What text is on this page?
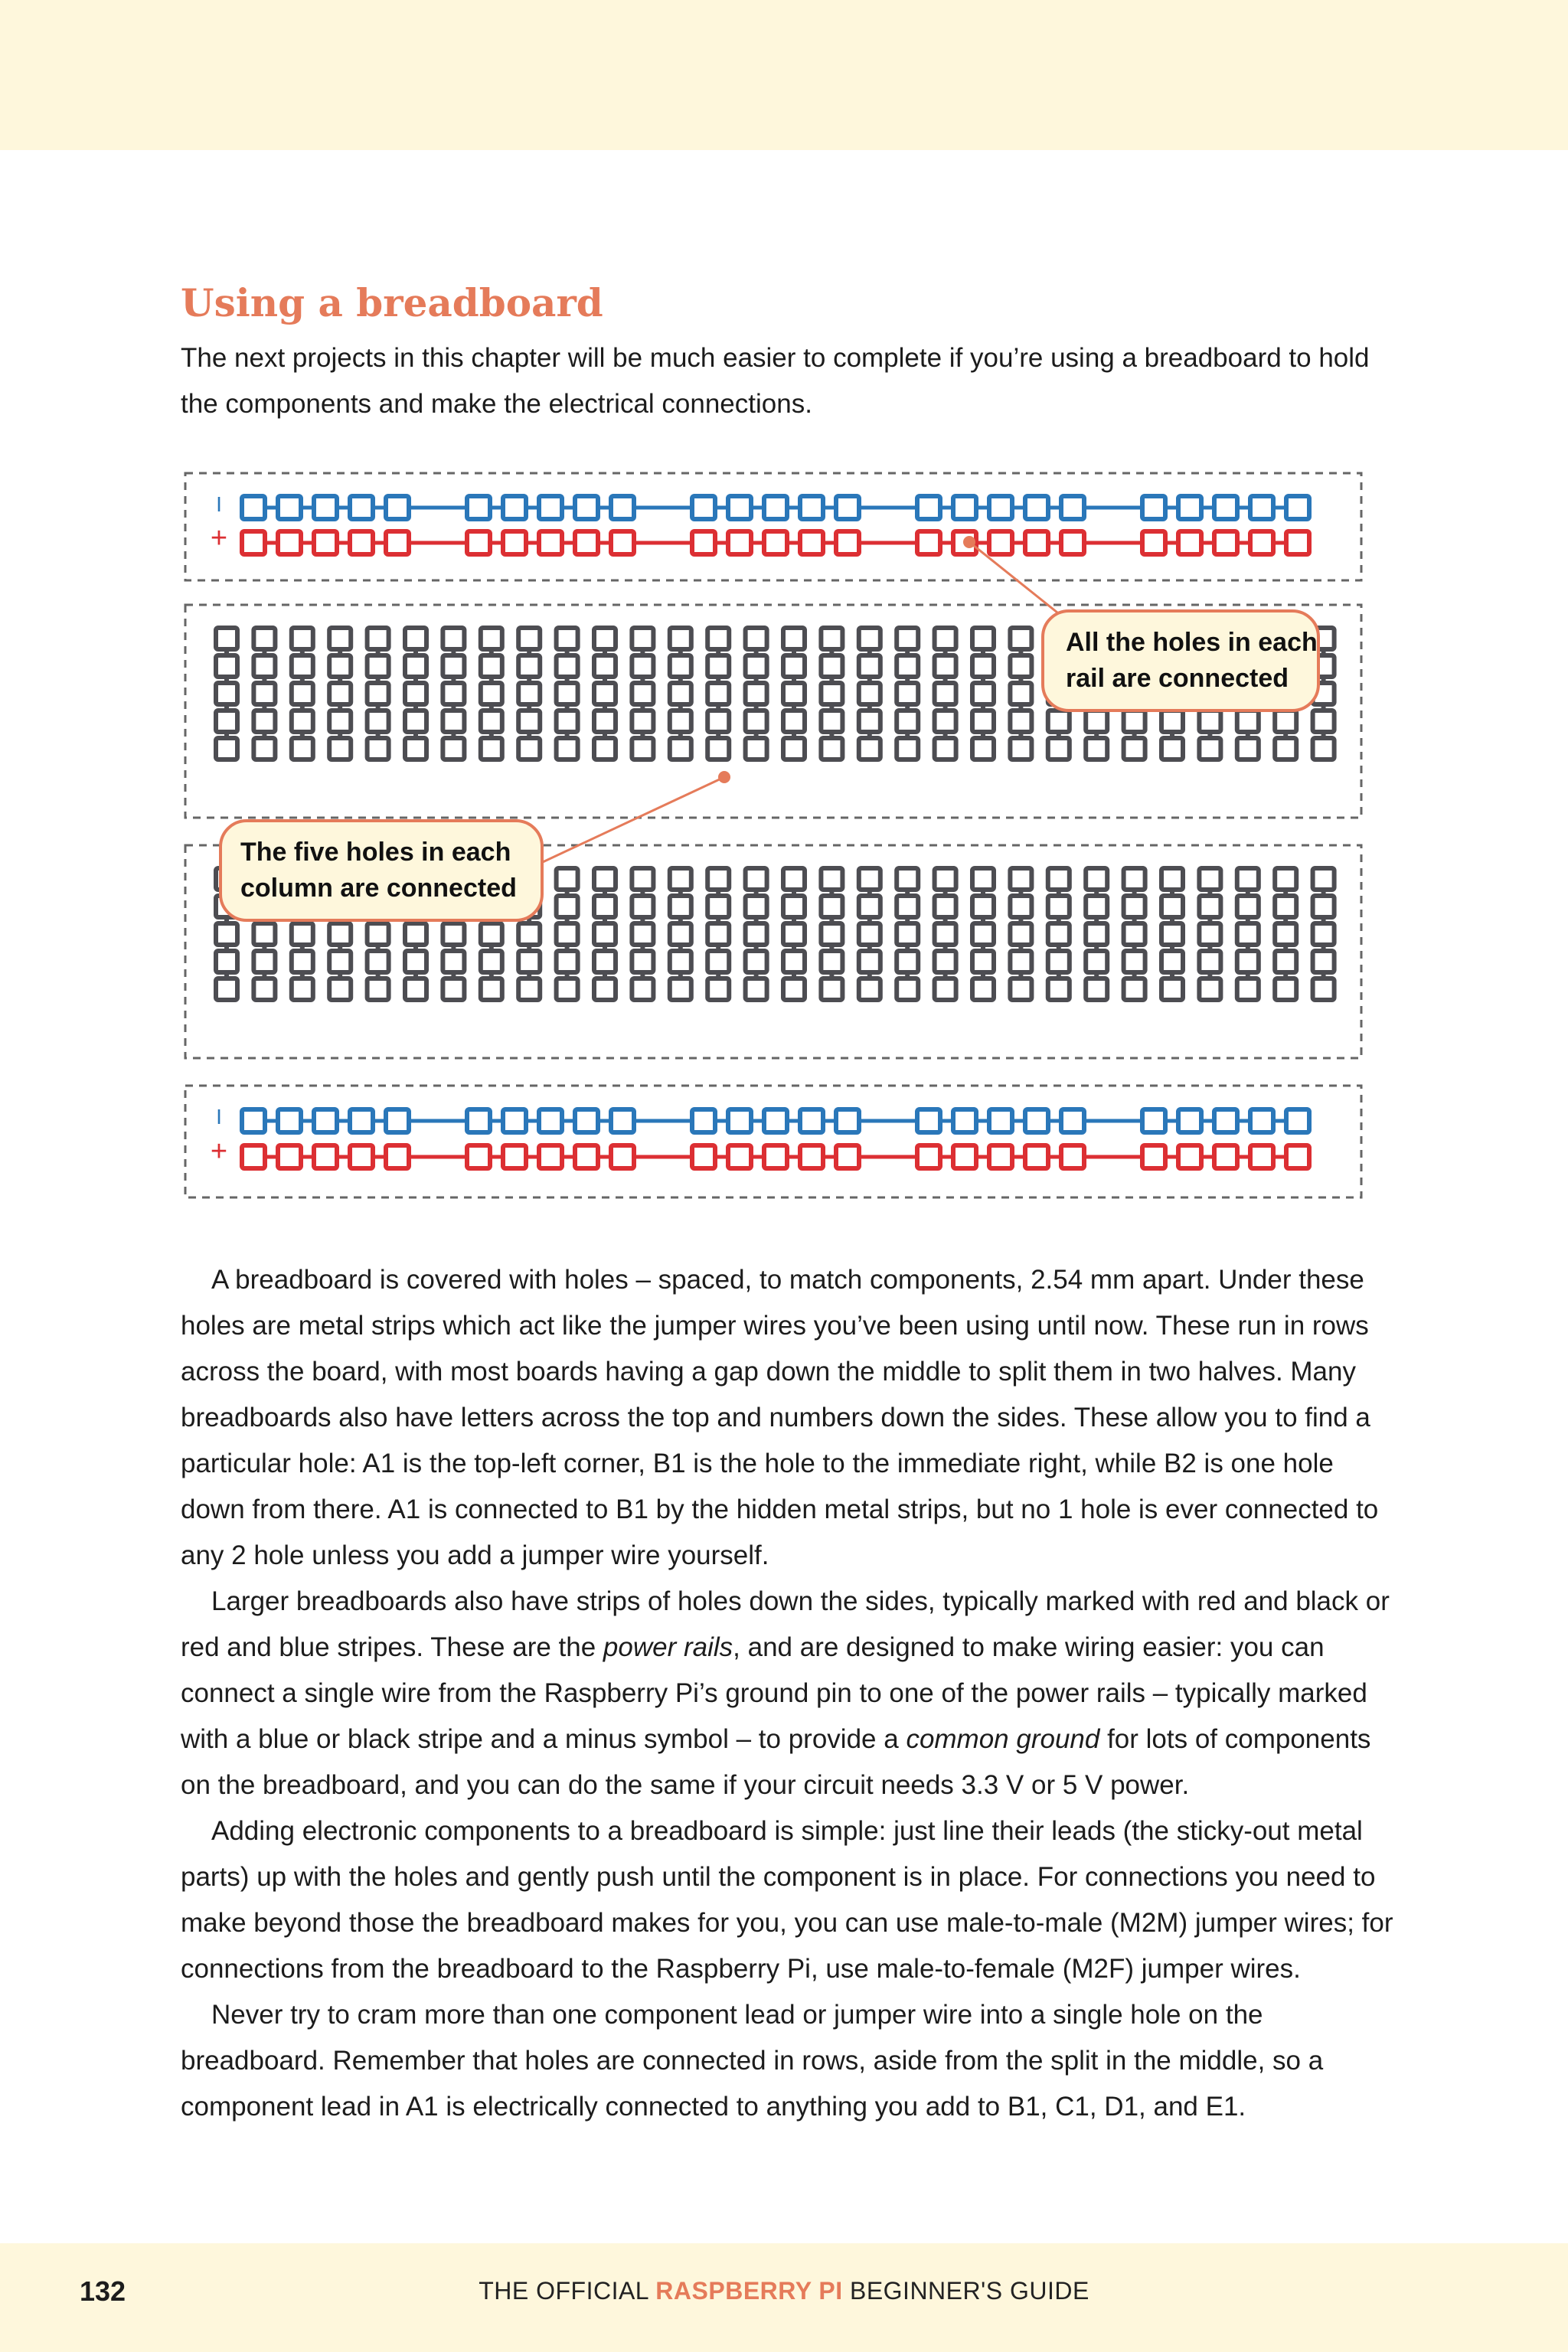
Using a breadboard
The next projects in this chapter will be much easier to complete if you’re using a breadboard to hold the components and make the electrical connections.
I
+
I
+
All the holes in each
rail are connected
The five holes in each
column are connected

A breadboard is covered with holes – spaced, to match components, 2.54 mm apart. Under these holes are metal strips which act like the jumper wires you’ve been using until now. These run in rows across the board, with most boards having a gap down the middle to split them in two halves. Many breadboards also have letters across the top and numbers down the sides. These allow you to find a particular hole: A1 is the top-left corner, B1 is the hole to the immediate right, while B2 is one hole down from there. A1 is connected to B1 by the hidden metal strips, but no 1 hole is ever connected to any 2 hole unless you add a jumper wire yourself.

Larger breadboards also have strips of holes down the sides, typically marked with red and black or red and blue stripes. These are the power rails, and are designed to make wiring easier: you can connect a single wire from the Raspberry Pi’s ground pin to one of the power rails – typically marked with a blue or black stripe and a minus symbol – to provide a common ground for lots of components on the breadboard, and you can do the same if your circuit needs 3.3 V or 5 V power.

Adding electronic components to a breadboard is simple: just line their leads (the sticky-out metal parts) up with the holes and gently push until the component is in place. For connections you need to make beyond those the breadboard makes for you, you can use male-to-male (M2M) jumper wires; for connections from the breadboard to the Raspberry Pi, use male-to-female (M2F) jumper wires.

Never try to cram more than one component lead or jumper wire into a single hole on the breadboard. Remember that holes are connected in rows, aside from the split in the middle, so a component lead in A1 is electrically connected to anything you add to B1, C1, D1, and E1.

132	THE OFFICIAL RASPBERRY PI BEGINNER'S GUIDE
